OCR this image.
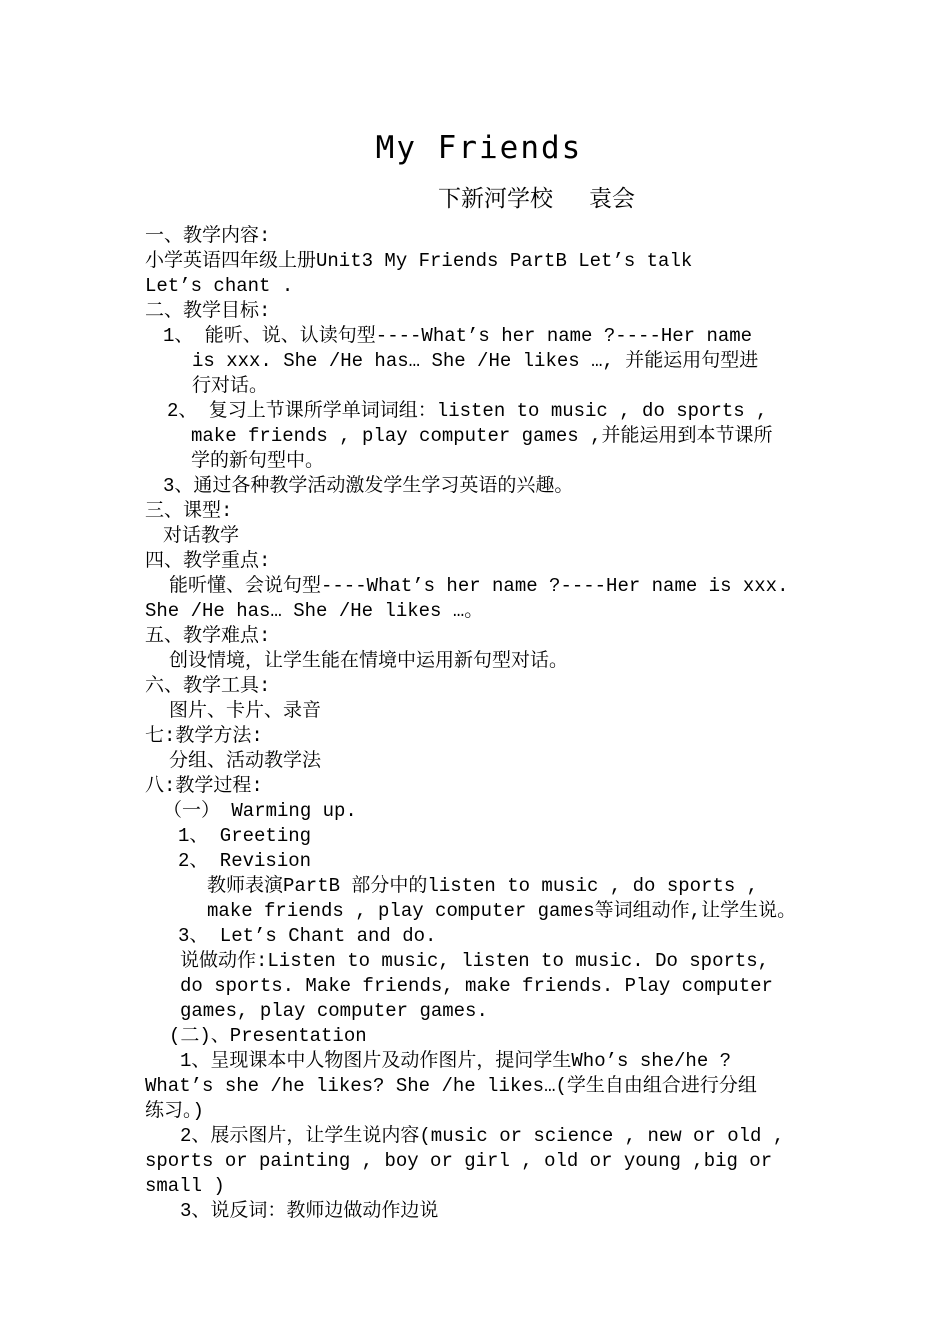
My Friends
下新河学校 袁会
一、教学内容:
小学英语四年级上册Unit3 My Friends PartB Let’s talk
Let’s chant .
二、教学目标:
1、 能听、说、认读句型----What’s her name ?----Her name
is xxx. She /He has… She /He likes …, 并能运用句型进
行对话。
2、 复习上节课所学单词词组：listen to music , do sports ,
make friends , play computer games ,并能运用到本节课所
学的新句型中。
3、通过各种教学活动激发学生学习英语的兴趣。
三、课型:
对话教学
四、教学重点:
能听懂、会说句型----What’s her name ?----Her name is xxx.
She /He has… She /He likes …。
五、教学难点:
创设情境，让学生能在情境中运用新句型对话。
六、教学工具:
图片、卡片、录音
七:教学方法:
分组、活动教学法
八:教学过程:
（一） Warming up.
1、 Greeting
2、 Revision
教师表演PartB 部分中的listen to music , do sports ,
make friends , play computer games等词组动作,让学生说。
3、 Let’s Chant and do.
说做动作:Listen to music, listen to music. Do sports,
do sports. Make friends, make friends. Play computer
games, play computer games.
(二)、Presentation
1、呈现课本中人物图片及动作图片，提问学生Who’s she/he ?
What’s she /he likes? She /he likes…(学生自由组合进行分组
练习。)
2、展示图片，让学生说内容(music or science , new or old ,
sports or painting , boy or girl , old or young ,big or
small )
3、说反词：教师边做动作边说
